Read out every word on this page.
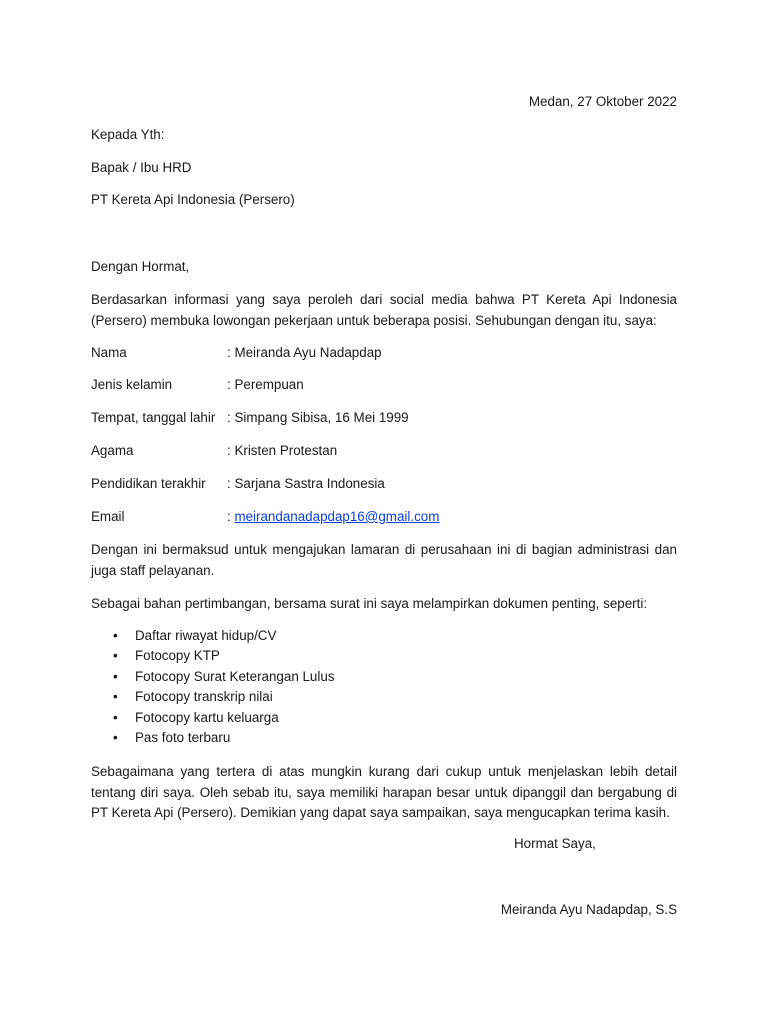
Medan, 27 Oktober 2022
Kepada Yth:
Bapak / Ibu HRD
PT Kereta Api Indonesia (Persero)
Dengan Hormat,
Berdasarkan informasi yang saya peroleh dari social media bahwa PT Kereta Api Indonesia (Persero) membuka lowongan pekerjaan untuk beberapa posisi. Sehubungan dengan itu, saya:
Nama	: Meiranda Ayu Nadapdap
Jenis kelamin	: Perempuan
Tempat, tanggal lahir : Simpang Sibisa, 16 Mei 1999
Agama	: Kristen Protestan
Pendidikan terakhir : Sarjana Sastra Indonesia
Email	: meirandanadapdap16@gmail.com
Dengan ini bermaksud untuk mengajukan lamaran di perusahaan ini di bagian administrasi dan juga staff pelayanan.
Sebagai bahan pertimbangan, bersama surat ini saya melampirkan dokumen penting, seperti:
• Daftar riwayat hidup/CV
• Fotocopy KTP
• Fotocopy Surat Keterangan Lulus
• Fotocopy transkrip nilai
• Fotocopy kartu keluarga
• Pas foto terbaru
Sebagaimana yang tertera di atas mungkin kurang dari cukup untuk menjelaskan lebih detail tentang diri saya. Oleh sebab itu, saya memiliki harapan besar untuk dipanggil dan bergabung di PT Kereta Api (Persero). Demikian yang dapat saya sampaikan, saya mengucapkan terima kasih.
Hormat Saya,
Meiranda Ayu Nadapdap, S.S
